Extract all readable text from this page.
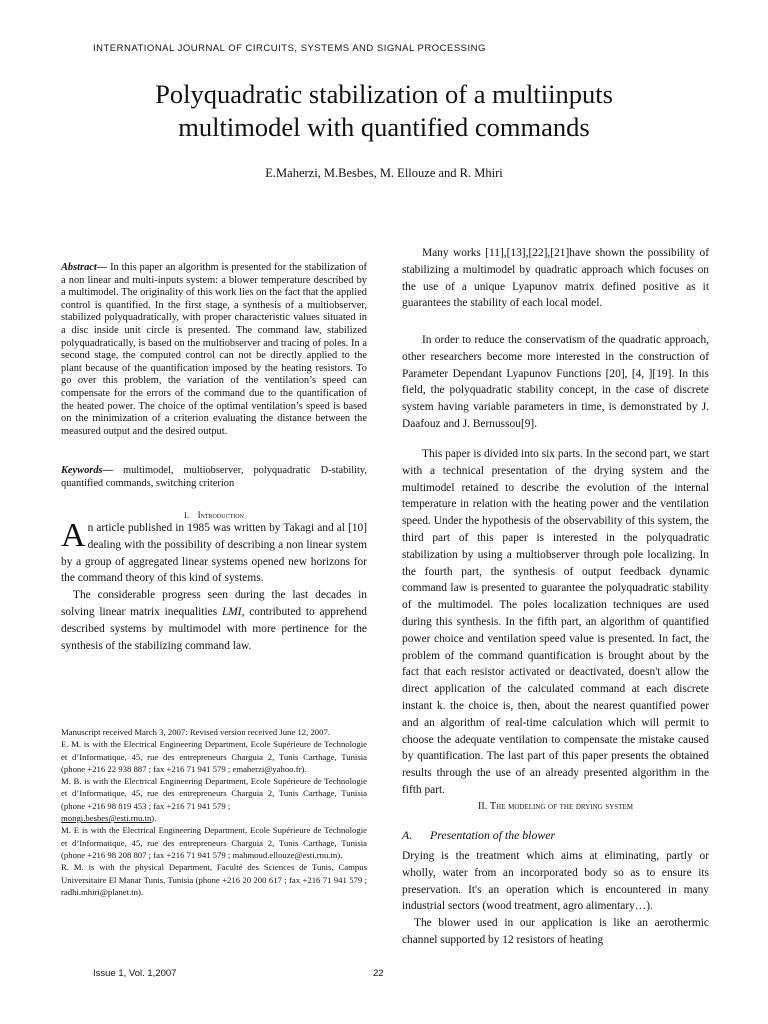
INTERNATIONAL JOURNAL OF CIRCUITS, SYSTEMS AND SIGNAL PROCESSING
Polyquadratic stabilization of a multiinputs
multimodel with quantified commands
E.Maherzi, M.Besbes, M. Ellouze and R. Mhiri
Abstract— In this paper an algorithm is presented for the stabilization of a non linear and multi-inputs system: a blower temperature described by a multimodel. The originality of this work lies on the fact that the applied control is quantified. In the first stage, a synthesis of a multiobserver, stabilized polyquadratically, with proper characteristic values situated in a disc inside unit circle is presented. The command law, stabilized polyquadratically, is based on the multiobserver and tracing of poles. In a second stage, the computed control can not be directly applied to the plant because of the quantification imposed by the heating resistors. To go over this problem, the variation of the ventilation’s speed can compensate for the errors of the command due to the quantification of the heated power. The choice of the optimal ventilation’s speed is based on the minimization of a criterion evaluating the distance between the measured output and the desired output.
Keywords— multimodel, multiobserver, polyquadratic D-stability, quantified commands, switching criterion
I. Introduction

An article published in 1985 was written by Takagi and al [10] dealing with the possibility of describing a non linear system by a group of aggregated linear systems opened new horizons for the command theory of this kind of systems.

The considerable progress seen during the last decades in solving linear matrix inequalities LMI, contributed to apprehend described systems by multimodel with more pertinence for the synthesis of the stabilizing command law.

Manuscript received March 3, 2007: Revised version received June 12, 2007.

E. M. is with the Electrical Engineering Department, Ecole Supérieure de Technologie et d’Informatique, 45, rue des entrepreneurs Charguia 2, Tunis Carthage, Tunisia (phone +216 22 938 887 ; fax +216 71 941 579 ; emaherzi@yahoo.fr).

M. B. is with the Electrical Engineering Department, Ecole Supérieure de Technologie et d’Informatique, 45, rue des entrepreneurs Charguia 2, Tunis Carthage, Tunisia (phone +216 98 819 453 ; fax +216 71 941 579 ;
mongi.besbes@esti.rnu.tn).

M. E is with the Electrical Engineering Department, Ecole Supérieure de Technologie et d’Informatique, 45, rue des entrepreneurs Charguia 2, Tunis Carthage, Tunisia (phone +216 98 208 807 ; fax +216 71 941 579 ; mahmoud.ellouze@esti.rnu.tn).

R. M. is with the physical Department, Faculté des Sciences de Tunis, Campus Universitaire El Manar Tunis, Tunisia (phone +216 20 200 617 ; fax +216 71 941 579 ; radhi.mhiri@planet.tn).

Many works [11],[13],[22],[21]have shown the possibility of stabilizing a multimodel by quadratic approach which focuses on the use of a unique Lyapunov matrix defined positive as it guarantees the stability of each local model.

In order to reduce the conservatism of the quadratic approach, other researchers become more interested in the construction of Parameter Dependant Lyapunov Functions [20], [4, ][19]. In this field, the polyquadratic stability concept, in the case of discrete system having variable parameters in time, is demonstrated by J. Daafouz and J. Bernussou[9].

This paper is divided into six parts. In the second part, we start with a technical presentation of the drying system and the multimodel retained to describe the evolution of the internal temperature in relation with the heating power and the ventilation speed. Under the hypothesis of the observability of this system, the third part of this paper is interested in the polyquadratic stabilization by using a multiobserver through pole localizing. In the fourth part, the synthesis of output feedback dynamic command law is presented to guarantee the polyquadratic stability of the multimodel. The poles localization techniques are used during this synthesis. In the fifth part, an algorithm of quantified power choice and ventilation speed value is presented. In fact, the problem of the command quantification is brought about by the fact that each resistor activated or deactivated, doesn't allow the direct application of the calculated command at each discrete instant k. the choice is, then, about the nearest quantified power and an algorithm of real-time calculation which will permit to choose the adequate ventilation to compensate the mistake caused by quantification. The last part of this paper presents the obtained results through the use of an already presented algorithm in the fifth part.

II. The modeling of the drying system
A. Presentation of the blower

Drying is the treatment which aims at eliminating, partly or wholly, water from an incorporated body so as to ensure its preservation. It's an operation which is encountered in many industrial sectors (wood treatment, agro alimentary…).

The blower used in our application is like an aerothermic channel supported by 12 resistors of heating

Issue 1, Vol. 1,2007	22
